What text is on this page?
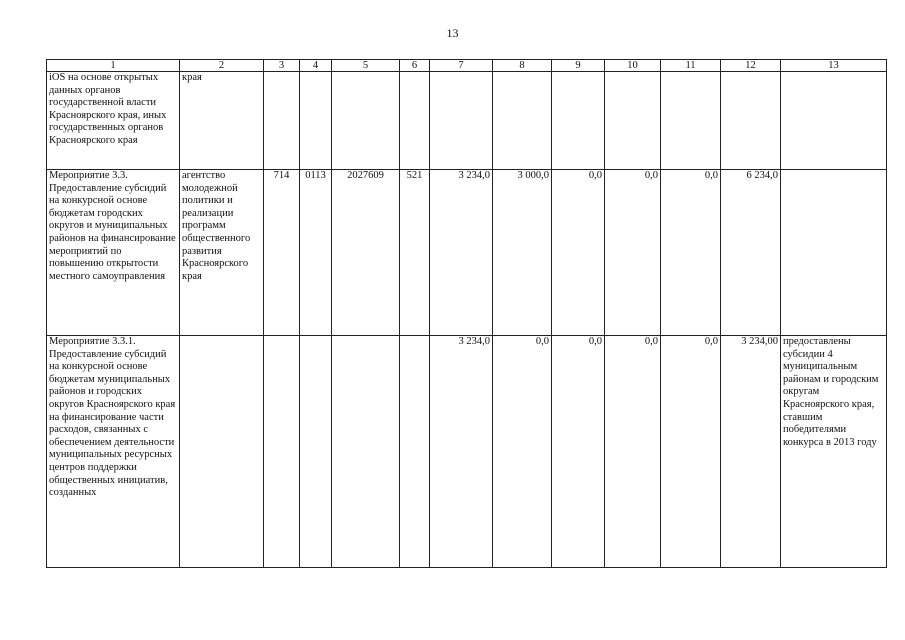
13
1	2	3	4	5	6	7	8	9	10	11	12	13
iOS на основе открытых данных органов государственной власти Красноярского края, иных государственных органов Красноярского края	края											
Мероприятие 3.3. Предоставление субсидий на конкурсной основе бюджетам городских округов и муниципальных районов на финансирование мероприятий по повышению открытости местного самоуправления	агентство молодежной политики и реализации программ общественного развития Красноярского края	714	0113	2027609	521	3 234,0	3 000,0	0,0	0,0	0,0	6 234,0	
Мероприятие 3.3.1. Предоставление субсидий на конкурсной основе бюджетам муниципальных районов и городских округов Красноярского края на финансирование части расходов, связанных с обеспечением деятельности муниципальных ресурсных центров поддержки общественных инициатив, созданных						3 234,0	0,0	0,0	0,0	0,0	3 234,00	предоставлены субсидии 4 муниципальным районам и городским округам Красноярского края, ставшим победителями конкурса в 2013 году
